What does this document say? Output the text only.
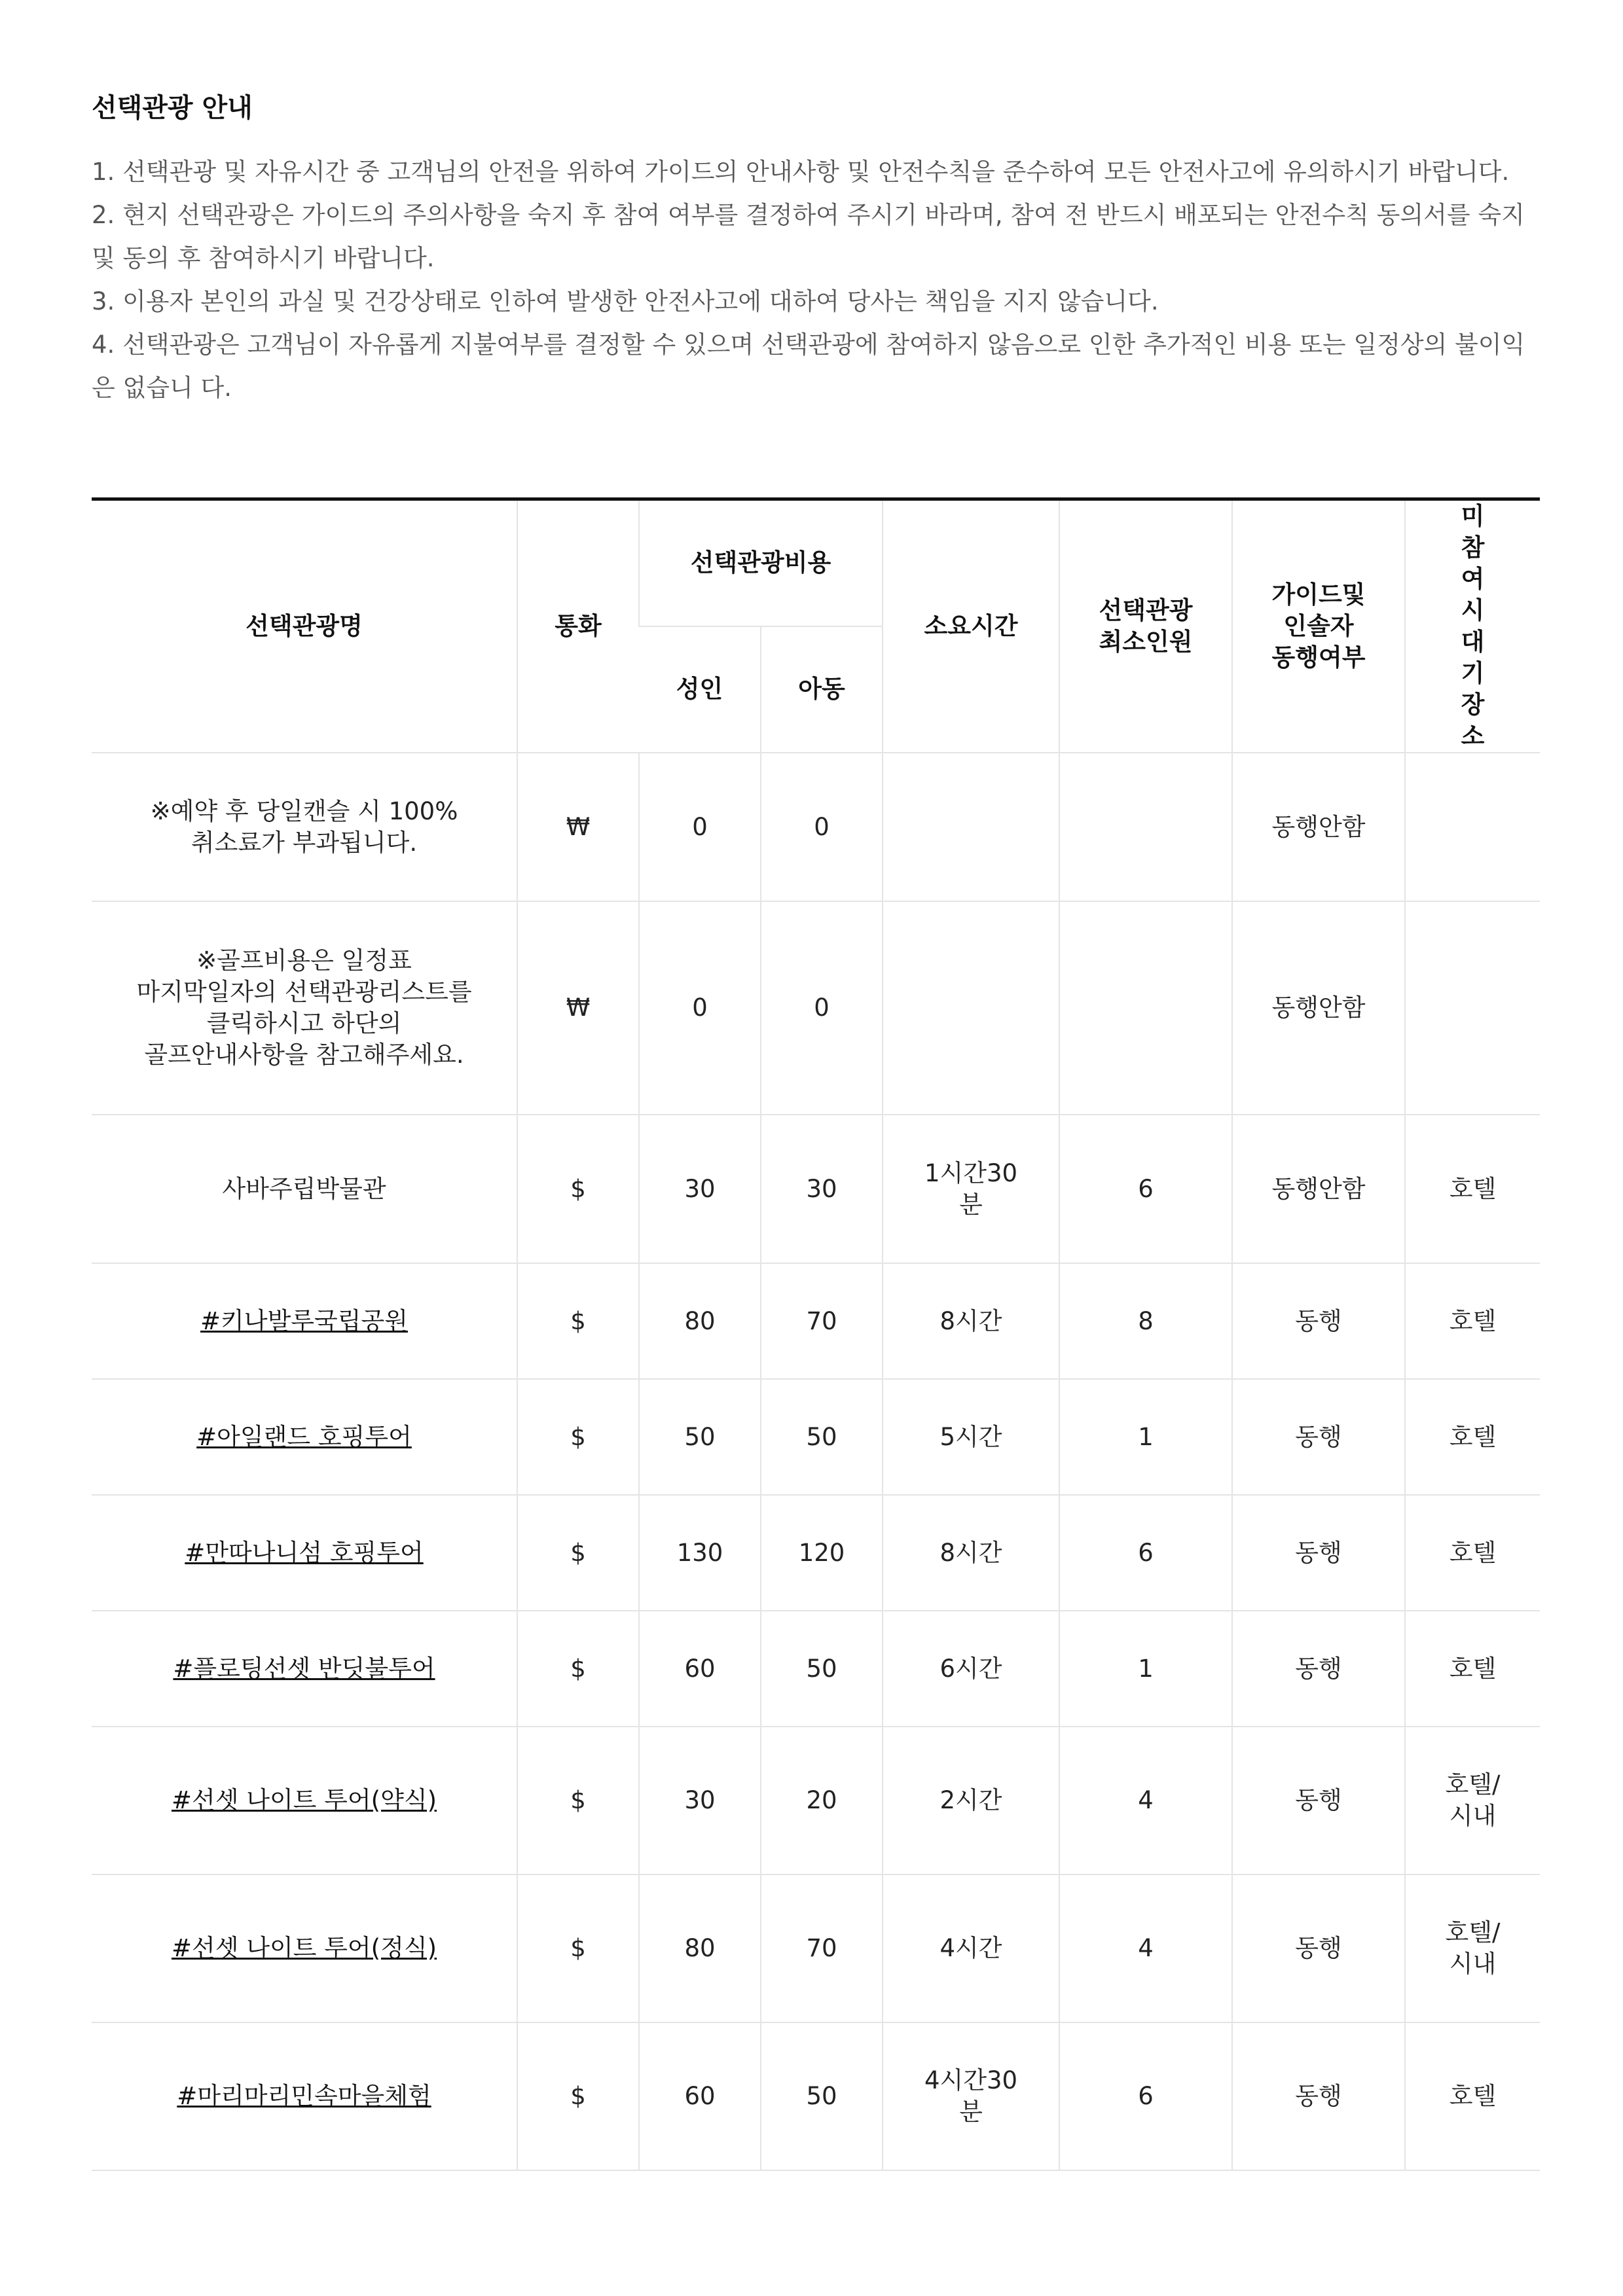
선택관광 안내

1. 선택관광 및 자유시간 중 고객님의 안전을 위하여 가이드의 안내사항 및 안전수칙을 준수하여 모든 안전사고에 유의하시기 바랍니다.

2. 현지 선택관광은 가이드의 주의사항을 숙지 후 참여 여부를 결정하여 주시기 바라며, 참여 전 반드시 배포되는 안전수칙 동의서를 숙지 및 동의 후 참여하시기 바랍니다.

3. 이용자 본인의 과실 및 건강상태로 인하여 발생한 안전사고에 대하여 당사는 책임을 지지 않습니다.

4. 선택관광은 고객님이 자유롭게 지불여부를 결정할 수 있으며 선택관광에 참여하지 않음으로 인한 추가적인 비용 또는 일정상의 불이익은 없습니 다.

선택관광명	통화	선택관광비용		소요시간	선택관광 최소인원	가이드및 인솔자 동행여부	미참 여시 대기 장소
		성인	아동				
※예약 후 당일캔슬 시 100%취소료가 부과됩니다.	₩	0	0			동행안함	
※골프비용은 일정표 마지막일자의 선택관광리스트를 클릭하시고 하단의 골프안내사항을 참고해주세요.	₩	0	0			동행안함	
사바주립박물관	$	30	30	1시간30분	6	동행안함	호텔
#키나발루국립공원	$	80	70	8시간	8	동행	호텔
#아일랜드 호핑투어	$	50	50	5시간	1	동행	호텔
#만따나니섬 호핑투어	$	130	120	8시간	6	동행	호텔
#플로팅선셋 반딧불투어	$	60	50	6시간	1	동행	호텔
#선셋 나이트 투어(약식)	$	30	20	2시간	4	동행	호텔/시내
#선셋 나이트 투어(정식)	$	80	70	4시간	4	동행	호텔/시내
#마리마리민속마을체험	$	60	50	4시간30분	6	동행	호텔
